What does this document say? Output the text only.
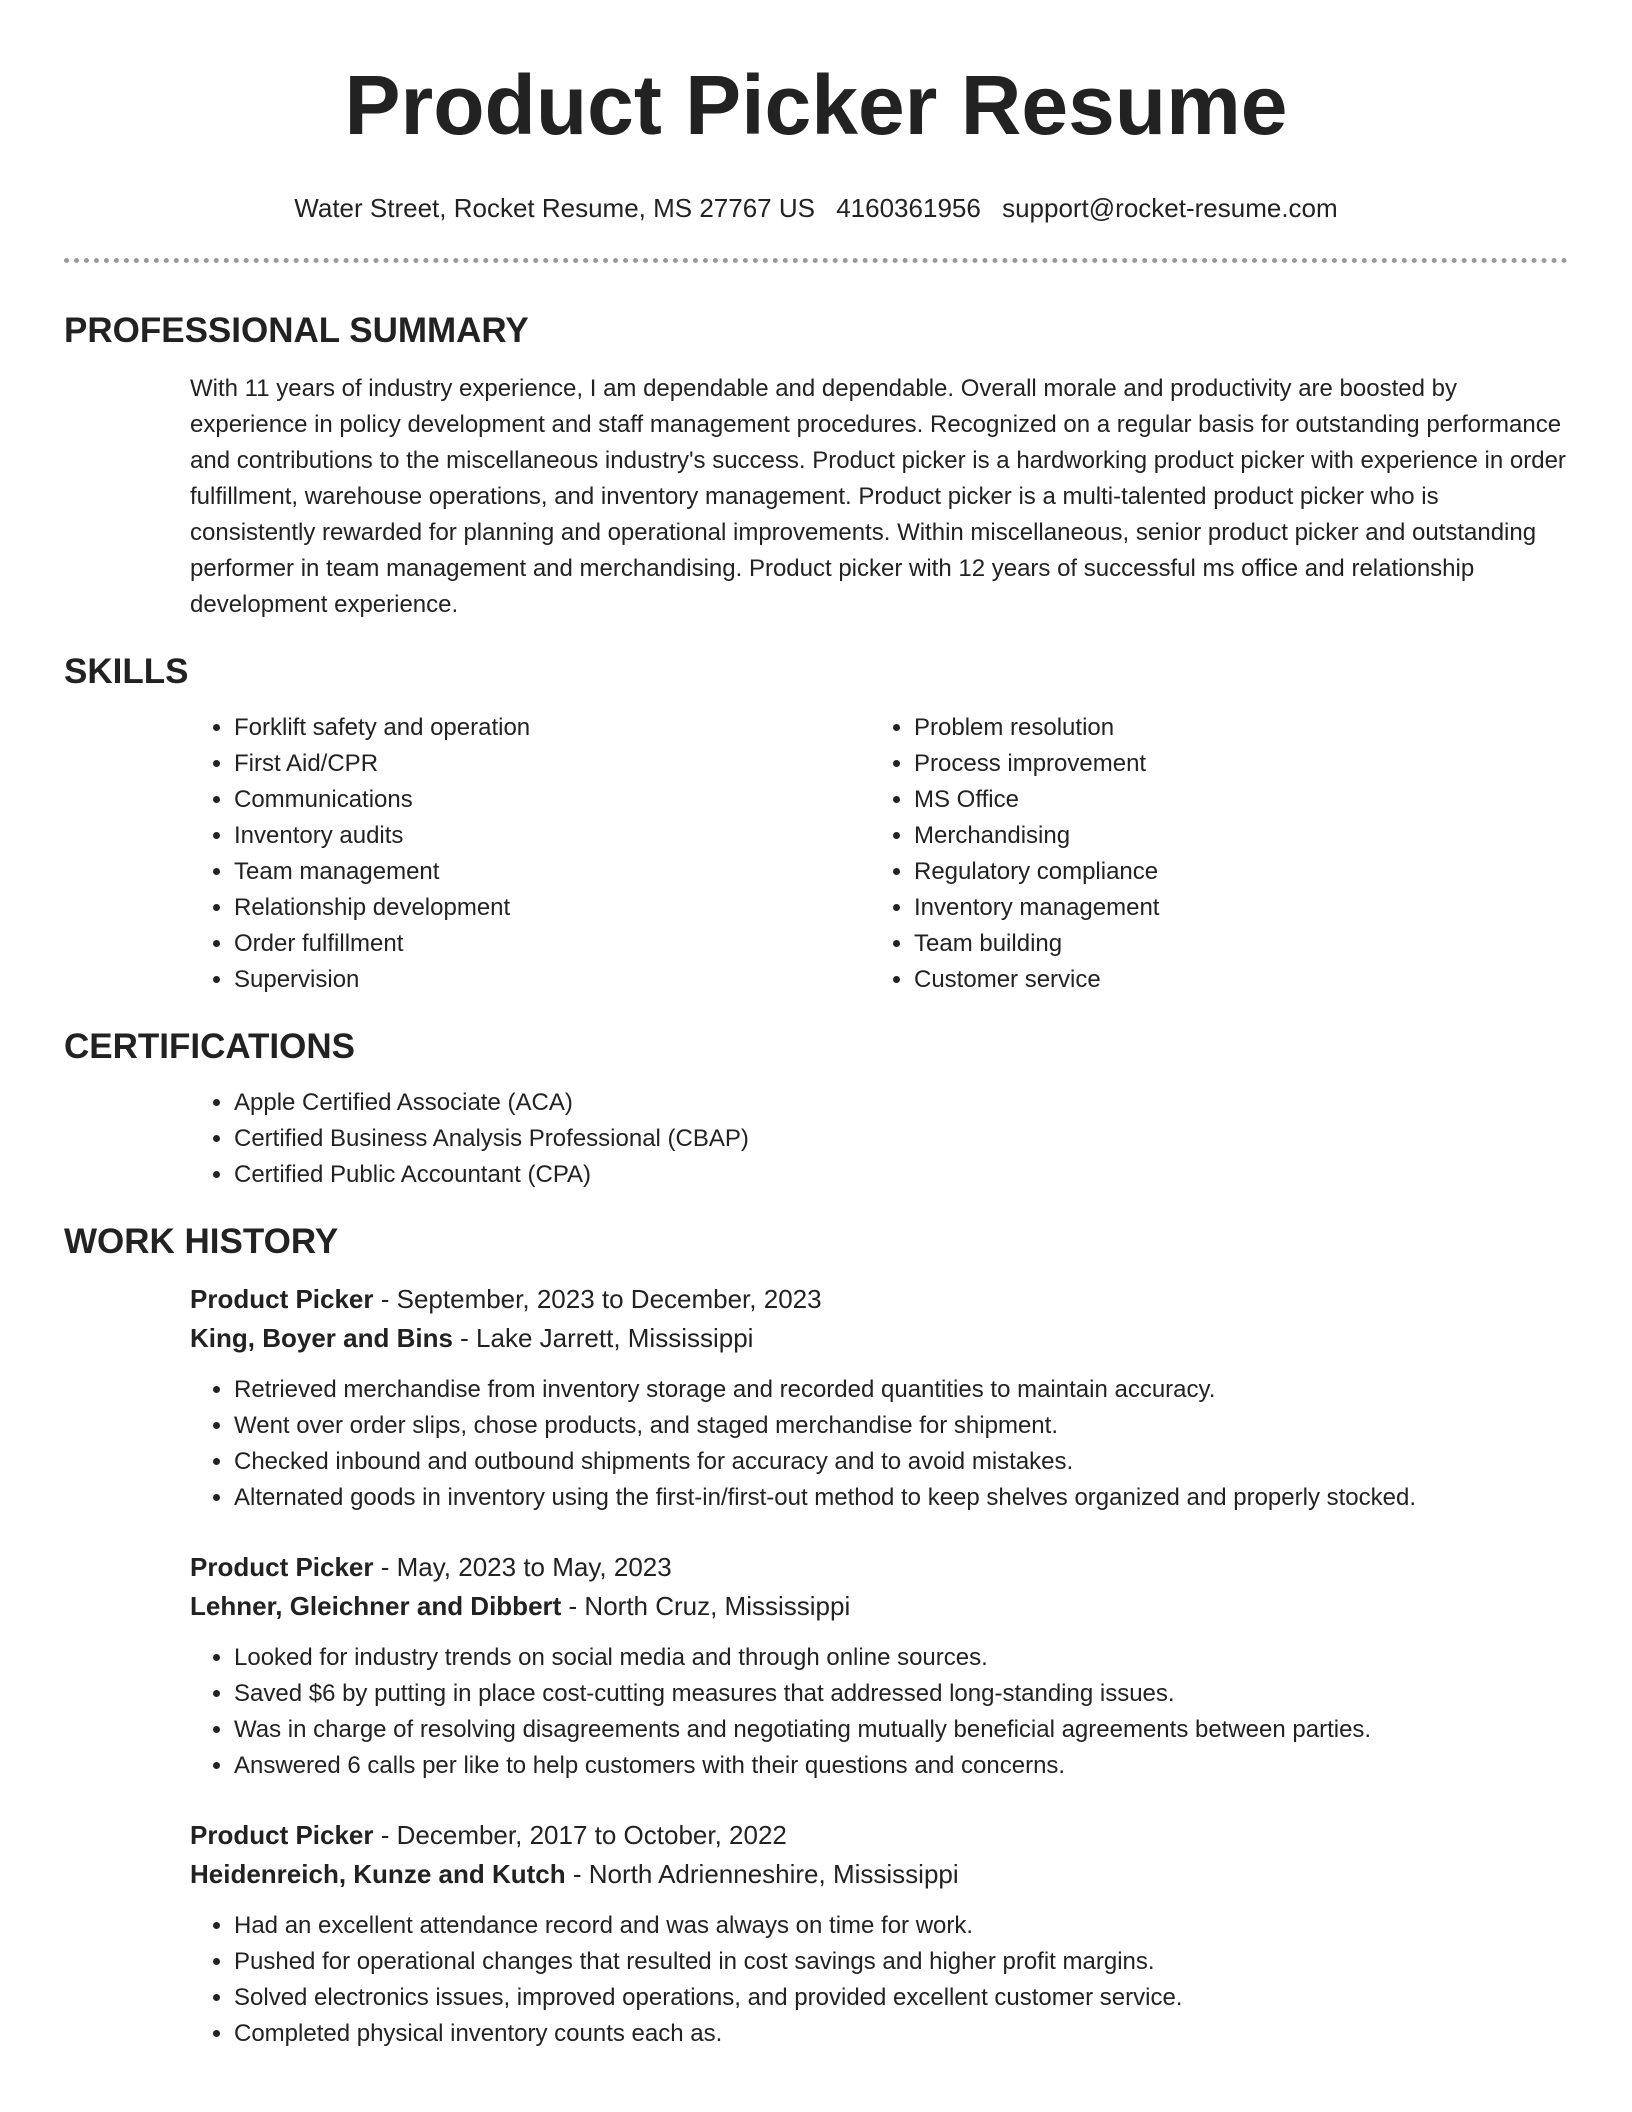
Product Picker Resume
Water Street, Rocket Resume, MS 27767 US 4160361956 support@rocket-resume.com
PROFESSIONAL SUMMARY

With 11 years of industry experience, I am dependable and dependable. Overall morale and productivity are boosted by experience in policy development and staff management procedures. Recognized on a regular basis for outstanding performance and contributions to the miscellaneous industry's success. Product picker is a hardworking product picker with experience in order fulfillment, warehouse operations, and inventory management. Product picker is a multi-talented product picker who is consistently rewarded for planning and operational improvements. Within miscellaneous, senior product picker and outstanding performer in team management and merchandising. Product picker with 12 years of successful ms office and relationship development experience.

SKILLS
• Forklift safety and operation
• First Aid/CPR
• Communications
• Inventory audits
• Team management
• Relationship development
• Order fulfillment
• Supervision
• Problem resolution
• Process improvement
• MS Office
• Merchandising
• Regulatory compliance
• Inventory management
• Team building
• Customer service
CERTIFICATIONS
• Apple Certified Associate (ACA)
• Certified Business Analysis Professional (CBAP)
• Certified Public Accountant (CPA)
WORK HISTORY
Product Picker - September, 2023 to December, 2023
King, Boyer and Bins - Lake Jarrett, Mississippi
• Retrieved merchandise from inventory storage and recorded quantities to maintain accuracy.
• Went over order slips, chose products, and staged merchandise for shipment.
• Checked inbound and outbound shipments for accuracy and to avoid mistakes.
• Alternated goods in inventory using the first-in/first-out method to keep shelves organized and properly stocked.
Product Picker - May, 2023 to May, 2023
Lehner, Gleichner and Dibbert - North Cruz, Mississippi
• Looked for industry trends on social media and through online sources.
• Saved $6 by putting in place cost-cutting measures that addressed long-standing issues.
• Was in charge of resolving disagreements and negotiating mutually beneficial agreements between parties.
• Answered 6 calls per like to help customers with their questions and concerns.
Product Picker - December, 2017 to October, 2022
Heidenreich, Kunze and Kutch - North Adrienneshire, Mississippi
• Had an excellent attendance record and was always on time for work.
• Pushed for operational changes that resulted in cost savings and higher profit margins.
• Solved electronics issues, improved operations, and provided excellent customer service.
• Completed physical inventory counts each as.
